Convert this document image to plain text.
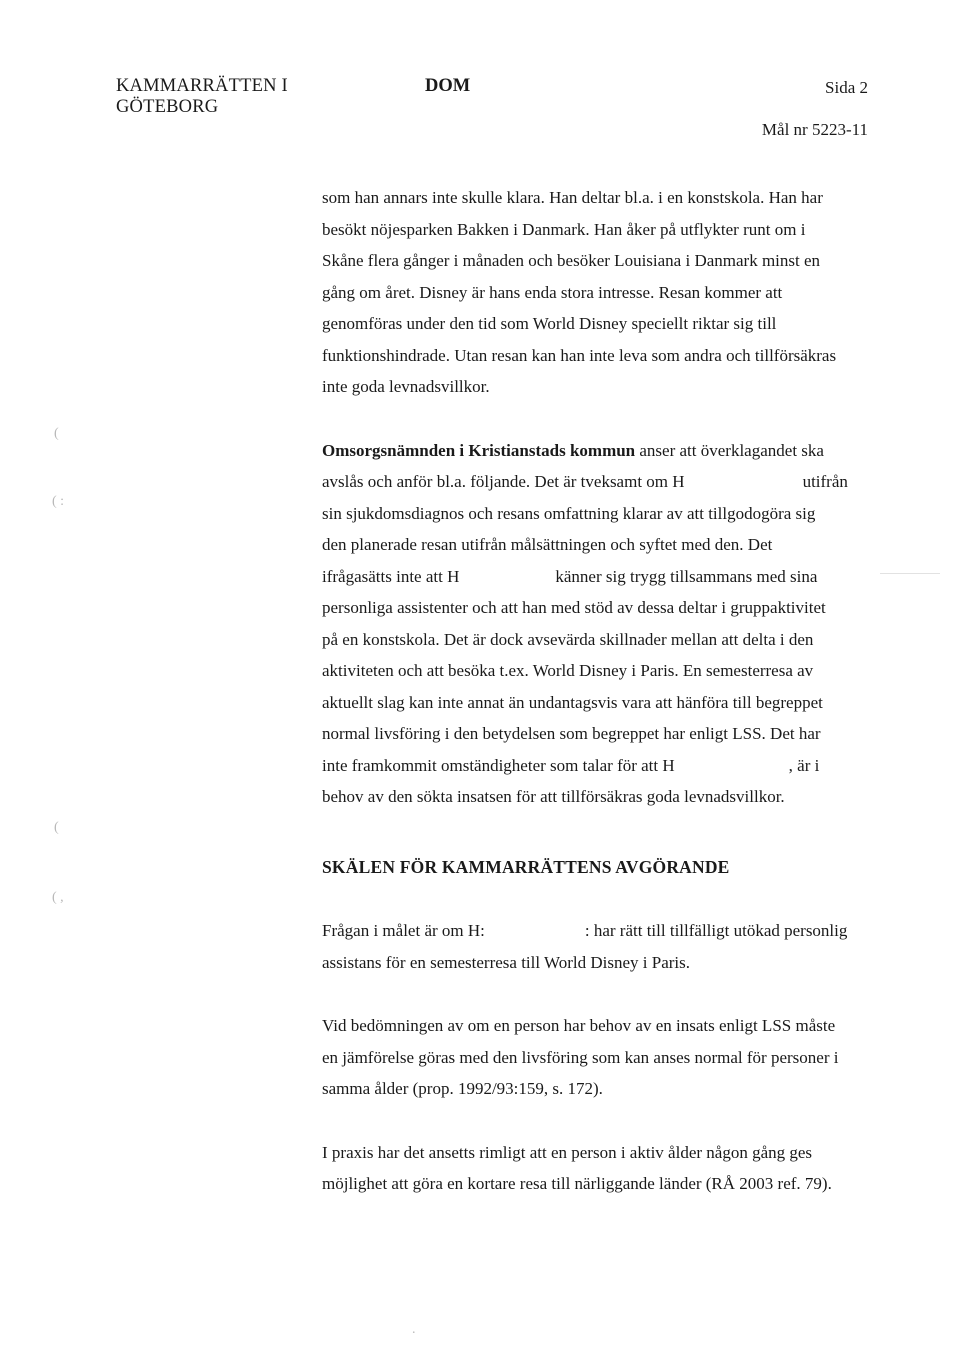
KAMMARRÄTTEN I
GÖTEBORG
DOM	Sida 2
Mål nr 5223-11
(
( :
(
( ,
.

som han annars inte skulle klara. Han deltar bl.a. i en konstskola. Han har
besökt nöjesparken Bakken i Danmark. Han åker på utflykter runt om i
Skåne flera gånger i månaden och besöker Louisiana i Danmark minst en
gång om året. Disney är hans enda stora intresse. Resan kommer att
genomföras under den tid som World Disney speciellt riktar sig till
funktionshindrade. Utan resan kan han inte leva som andra och tillförsäkras
inte goda levnadsvillkor.

Omsorgsnämnden i Kristianstads kommun anser att överklagandet ska
avslås och anför bl.a. följande. Det är tveksamt om H	utifrån
sin sjukdomsdiagnos och resans omfattning klarar av att tillgodogöra sig
den planerade resan utifrån målsättningen och syftet med den. Det
ifrågasätts inte att H	känner sig trygg tillsammans med sina
personliga assistenter och att han med stöd av dessa deltar i gruppaktivitet
på en konstskola. Det är dock avsevärda skillnader mellan att delta i den
aktiviteten och att besöka t.ex. World Disney i Paris. En semesterresa av
aktuellt slag kan inte annat än undantagsvis vara att hänföra till begreppet
normal livsföring i den betydelsen som begreppet har enligt LSS. Det har
inte framkommit omständigheter som talar för att H	, är i
behov av den sökta insatsen för att tillförsäkras goda levnadsvillkor.

SKÄLEN FÖR KAMMARRÄTTENS AVGÖRANDE

Frågan i målet är om H:	: har rätt till tillfälligt utökad personlig
assistans för en semesterresa till World Disney i Paris.

Vid bedömningen av om en person har behov av en insats enligt LSS måste
en jämförelse göras med den livsföring som kan anses normal för personer i
samma ålder (prop. 1992/93:159, s. 172).

I praxis har det ansetts rimligt att en person i aktiv ålder någon gång ges
möjlighet att göra en kortare resa till närliggande länder (RÅ 2003 ref. 79).
